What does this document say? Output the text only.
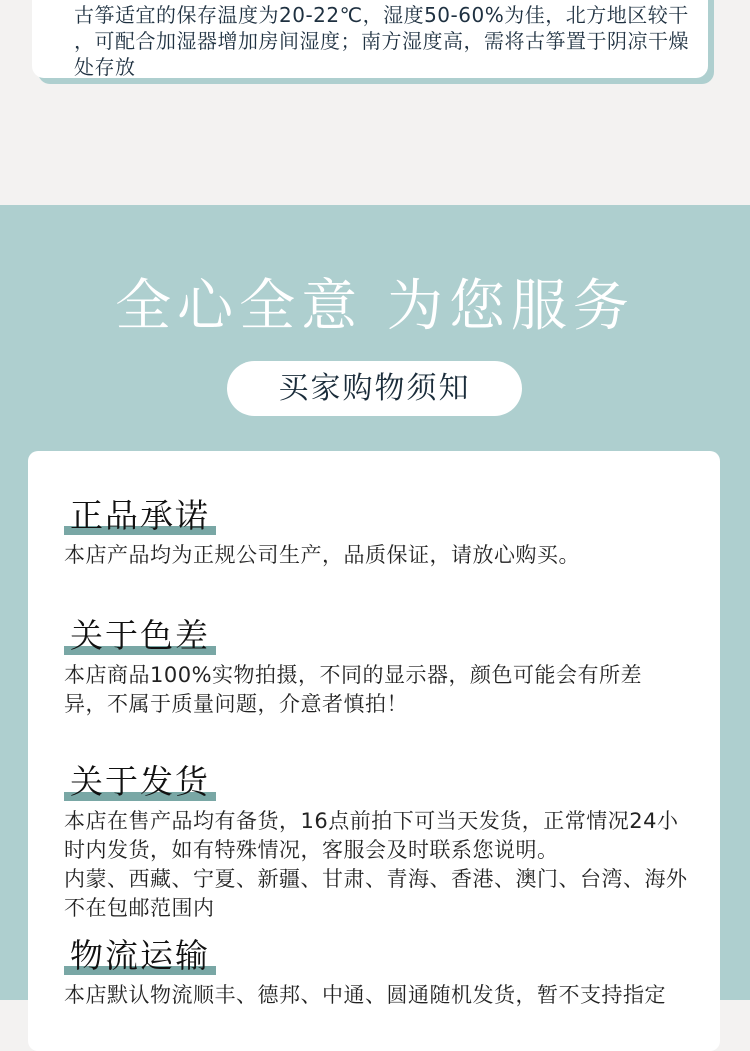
古筝适宜的保存温度为20-22℃，湿度50-60%为佳，北方地区较干
，可配合加湿器增加房间湿度；南方湿度高，需将古筝置于阴凉干燥
处存放
全心全意 为您服务
买家购物须知
正品承诺
本店产品均为正规公司生产，品质保证，请放心购买。
关于色差
本店商品100%实物拍摄，不同的显示器，颜色可能会有所差
异，不属于质量问题，介意者慎拍！
关于发货
本店在售产品均有备货，16点前拍下可当天发货，正常情况24小
时内发货，如有特殊情况，客服会及时联系您说明。
内蒙、西藏、宁夏、新疆、甘肃、青海、香港、澳门、台湾、海外
不在包邮范围内
物流运输
本店默认物流顺丰、德邦、中通、圆通随机发货，暂不支持指定
